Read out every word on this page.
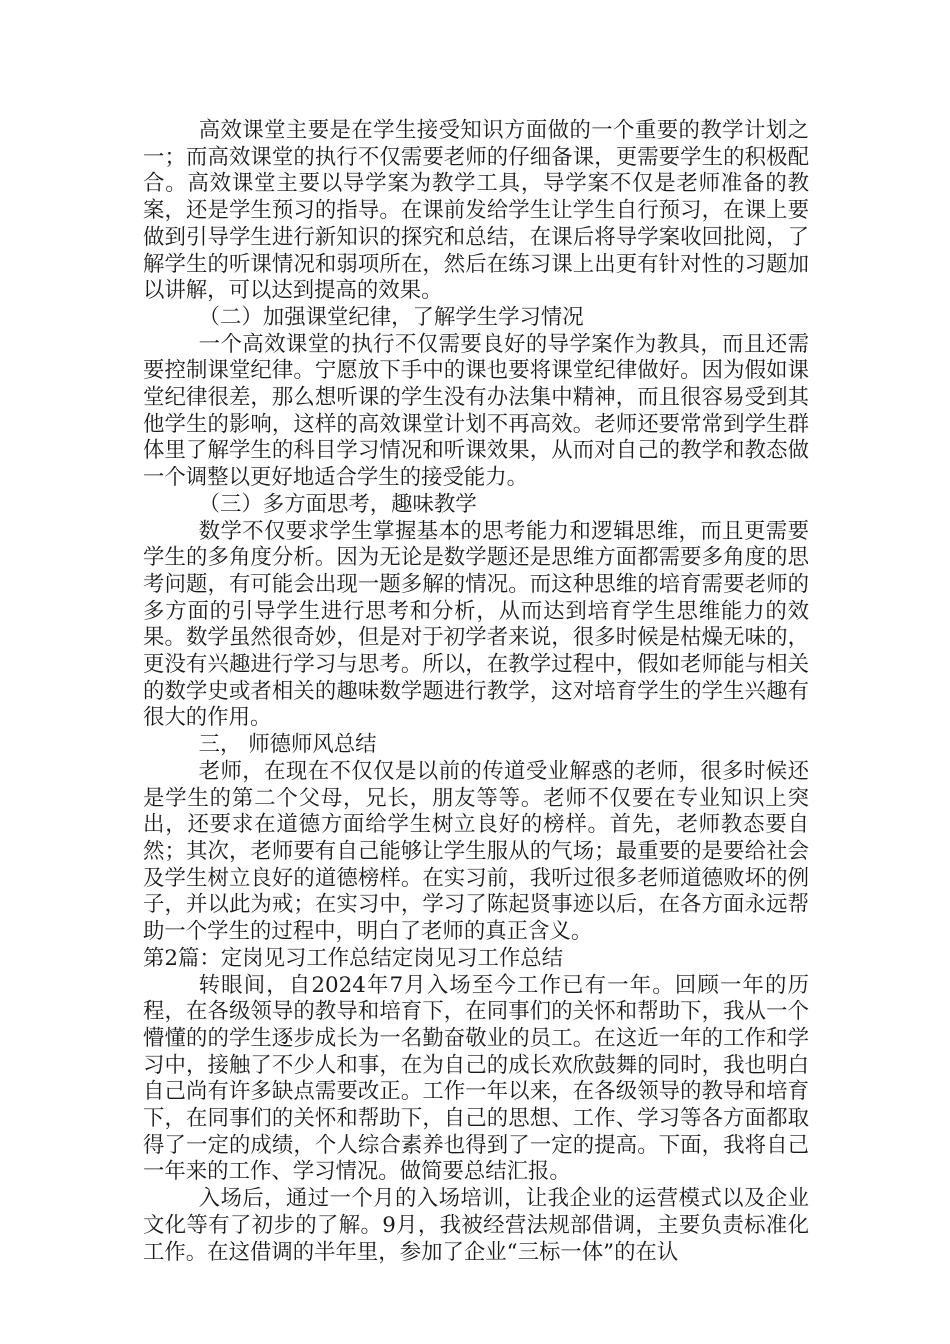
高效课堂主要是在学生接受知识方面做的一个重要的教学计划之一；而高效课堂的执行不仅需要老师的仔细备课，更需要学生的积极配合。高效课堂主要以导学案为教学工具，导学案不仅是老师准备的教案，还是学生预习的指导。在课前发给学生让学生自行预习，在课上要做到引导学生进行新知识的探究和总结，在课后将导学案收回批阅，了解学生的听课情况和弱项所在，然后在练习课上出更有针对性的习题加以讲解，可以达到提高的效果。

（二）加强课堂纪律，了解学生学习情况

一个高效课堂的执行不仅需要良好的导学案作为教具，而且还需要控制课堂纪律。宁愿放下手中的课也要将课堂纪律做好。因为假如课堂纪律很差，那么想听课的学生没有办法集中精神，而且很容易受到其他学生的影响，这样的高效课堂计划不再高效。老师还要常常到学生群体里了解学生的科目学习情况和听课效果，从而对自己的教学和教态做一个调整以更好地适合学生的接受能力。

（三）多方面思考，趣味教学

数学不仅要求学生掌握基本的思考能力和逻辑思维，而且更需要学生的多角度分析。因为无论是数学题还是思维方面都需要多角度的思考问题，有可能会出现一题多解的情况。而这种思维的培育需要老师的多方面的引导学生进行思考和分析，从而达到培育学生思维能力的效果。数学虽然很奇妙，但是对于初学者来说，很多时候是枯燥无味的，更没有兴趣进行学习与思考。所以，在教学过程中，假如老师能与相关的数学史或者相关的趣味数学题进行教学，这对培育学生的学生兴趣有很大的作用。

三， 师德师风总结

老师，在现在不仅仅是以前的传道受业解惑的老师，很多时候还是学生的第二个父母，兄长，朋友等等。老师不仅要在专业知识上突出，还要求在道德方面给学生树立良好的榜样。首先，老师教态要自然；其次，老师要有自己能够让学生服从的气场；最重要的是要给社会及学生树立良好的道德榜样。在实习前，我听过很多老师道德败坏的例子，并以此为戒；在实习中，学习了陈起贤事迹以后，在各方面永远帮助一个学生的过程中，明白了老师的真正含义。

第2篇：定岗见习工作总结定岗见习工作总结

转眼间，自2024年7月入场至今工作已有一年。回顾一年的历程，在各级领导的教导和培育下，在同事们的关怀和帮助下，我从一个懵懂的的学生逐步成长为一名勤奋敬业的员工。在这近一年的工作和学习中，接触了不少人和事，在为自己的成长欢欣鼓舞的同时，我也明白自己尚有许多缺点需要改正。工作一年以来，在各级领导的教导和培育下，在同事们的关怀和帮助下，自己的思想、工作、学习等各方面都取得了一定的成绩，个人综合素养也得到了一定的提高。下面，我将自己一年来的工作、学习情况。做简要总结汇报。

入场后，通过一个月的入场培训，让我企业的运营模式以及企业文化等有了初步的了解。9月，我被经营法规部借调，主要负责标准化工作。在这借调的半年里，参加了企业“三标一体”的在认
